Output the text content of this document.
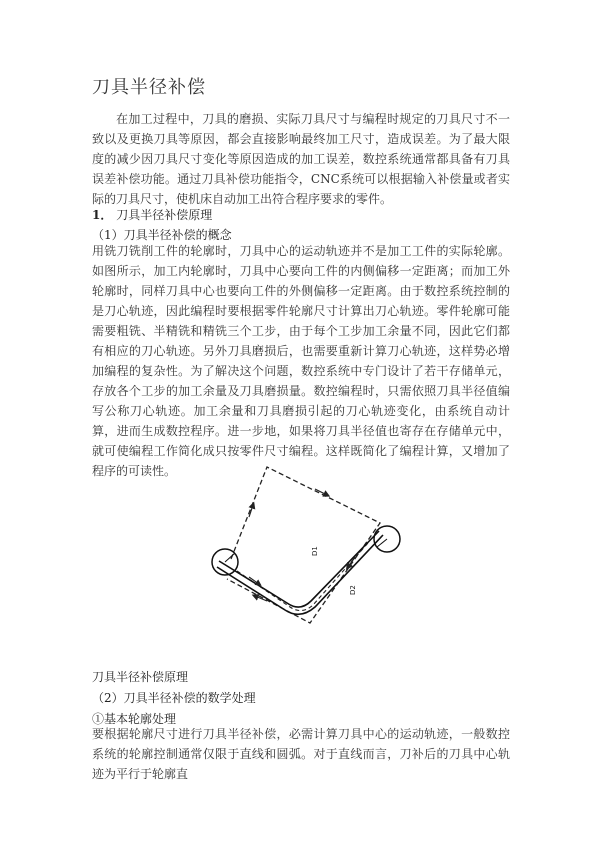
刀具半径补偿

在加工过程中，刀具的磨损、实际刀具尺寸与编程时规定的刀具尺寸不一致以及更换刀具等原因，都会直接影响最终加工尺寸，造成误差。为了最大限度的减少因刀具尺寸变化等原因造成的加工误差，数控系统通常都具备有刀具误差补偿功能。通过刀具补偿功能指令，CNC系统可以根据输入补偿量或者实际的刀具尺寸，使机床自动加工出符合程序要求的零件。

1． 刀具半径补偿原理
（1）刀具半径补偿的概念

用铣刀铣削工件的轮廓时，刀具中心的运动轨迹并不是加工工件的实际轮廓。如图所示，加工内轮廓时，刀具中心要向工件的内侧偏移一定距离；而加工外轮廓时，同样刀具中心也要向工件的外侧偏移一定距离。由于数控系统控制的是刀心轨迹，因此编程时要根据零件轮廓尺寸计算出刀心轨迹。零件轮廓可能需要粗铣、半精铣和精铣三个工步，由于每个工步加工余量不同，因此它们都有相应的刀心轨迹。另外刀具磨损后，也需要重新计算刀心轨迹，这样势必增加编程的复杂性。为了解决这个问题，数控系统中专门设计了若干存储单元，存放各个工步的加工余量及刀具磨损量。数控编程时，只需依照刀具半径值编写公称刀心轨迹。加工余量和刀具磨损引起的刀心轨迹变化，由系统自动计算，进而生成数控程序。进一步地，如果将刀具半径值也寄存在存储单元中，就可使编程工作简化成只按零件尺寸编程。这样既简化了编程计算，又增加了程序的可读性。

D1
D2
刀具半径补偿原理
（2）刀具半径补偿的数学处理
①基本轮廓处理

要根据轮廓尺寸进行刀具半径补偿，必需计算刀具中心的运动轨迹，一般数控系统的轮廓控制通常仅限于直线和圆弧。对于直线而言，刀补后的刀具中心轨迹为平行于轮廓直
